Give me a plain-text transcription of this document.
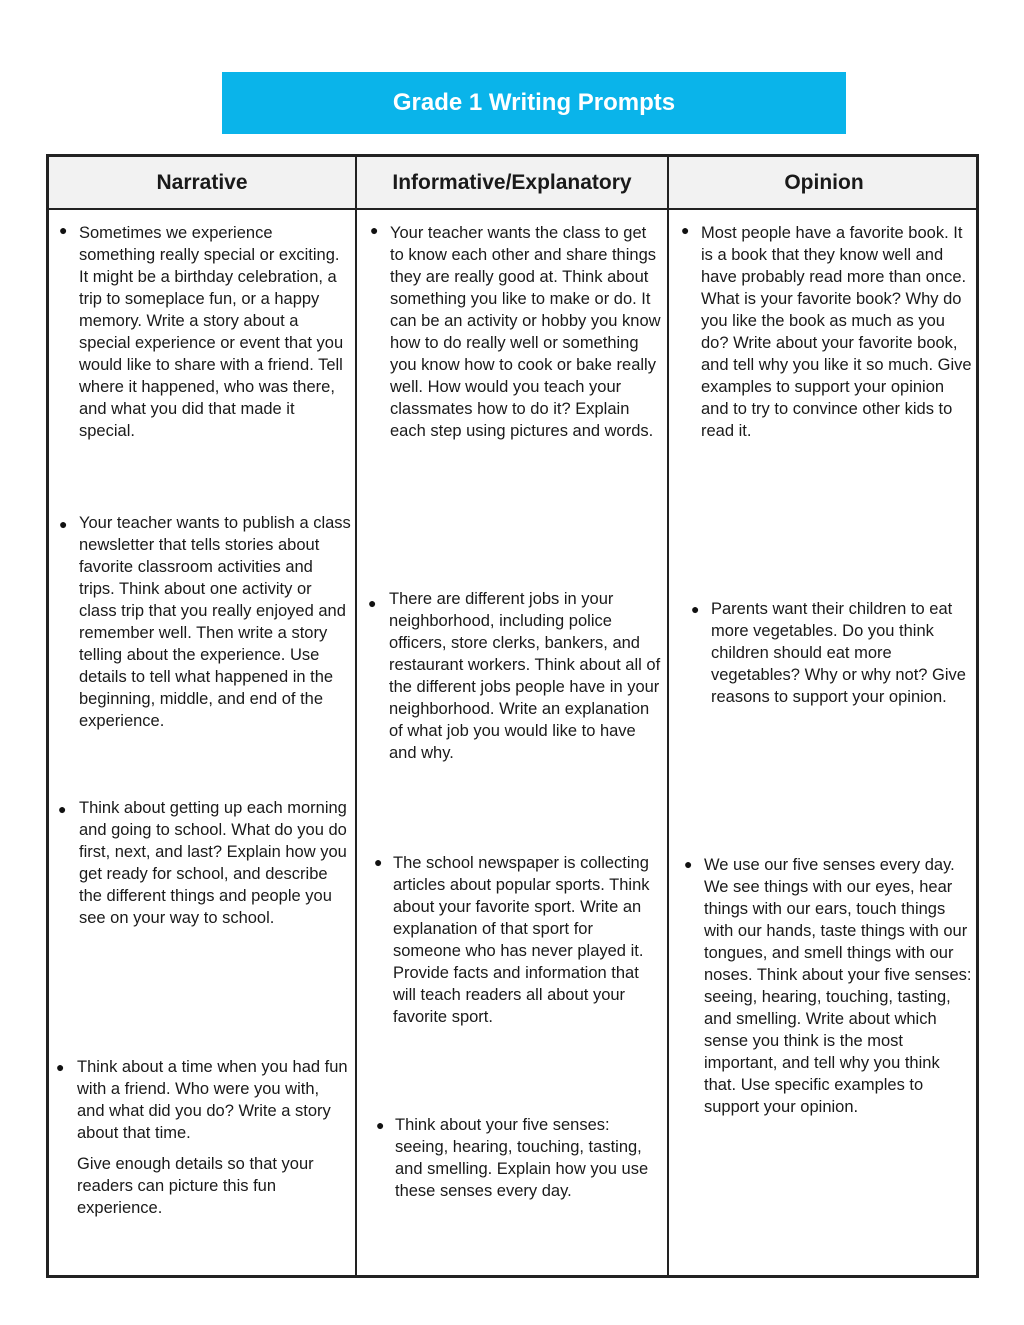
Grade 1 Writing Prompts
Narrative	Informative/Explanatory	Opinion
● Sometimes we experience something really special or exciting. It might be a birthday celebration, a trip to someplace fun, or a happy memory. Write a story about a special experience or event that you would like to share with a friend. Tell where it happened, who was there, and what you did that made it special.

● Your teacher wants to publish a class newsletter that tells stories about favorite classroom activities and trips. Think about one activity or class trip that you really enjoyed and remember well. Then write a story telling about the experience. Use details to tell what happened in the beginning, middle, and end of the experience.

● Think about getting up each morning and going to school. What do you do first, next, and last? Explain how you get ready for school, and describe the different things and people you see on your way to school.

● Think about a time when you had fun with a friend. Who were you with, and what did you do? Write a story about that time.

Give enough details so that your readers can picture this fun experience.

● Your teacher wants the class to get to know each other and share things they are really good at. Think about something you like to make or do. It can be an activity or hobby you know how to do really well or something you know how to cook or bake really well. How would you teach your classmates how to do it? Explain each step using pictures and words.

● There are different jobs in your neighborhood, including police officers, store clerks, bankers, and restaurant workers. Think about all of the different jobs people have in your neighborhood. Write an explanation of what job you would like to have and why.

● The school newspaper is collecting articles about popular sports. Think about your favorite sport. Write an explanation of that sport for someone who has never played it. Provide facts and information that will teach readers all about your favorite sport.

● Think about your five senses: seeing, hearing, touching, tasting, and smelling. Explain how you use these senses every day.

● Most people have a favorite book. It is a book that they know well and have probably read more than once. What is your favorite book? Why do you like the book as much as you do? Write about your favorite book, and tell why you like it so much. Give examples to support your opinion and to try to convince other kids to read it.

● Parents want their children to eat more vegetables. Do you think children should eat more vegetables? Why or why not? Give reasons to support your opinion.

● We use our five senses every day. We see things with our eyes, hear things with our ears, touch things with our hands, taste things with our tongues, and smell things with our noses. Think about your five senses: seeing, hearing, touching, tasting, and smelling. Write about which sense you think is the most important, and tell why you think that. Use specific examples to support your opinion.
